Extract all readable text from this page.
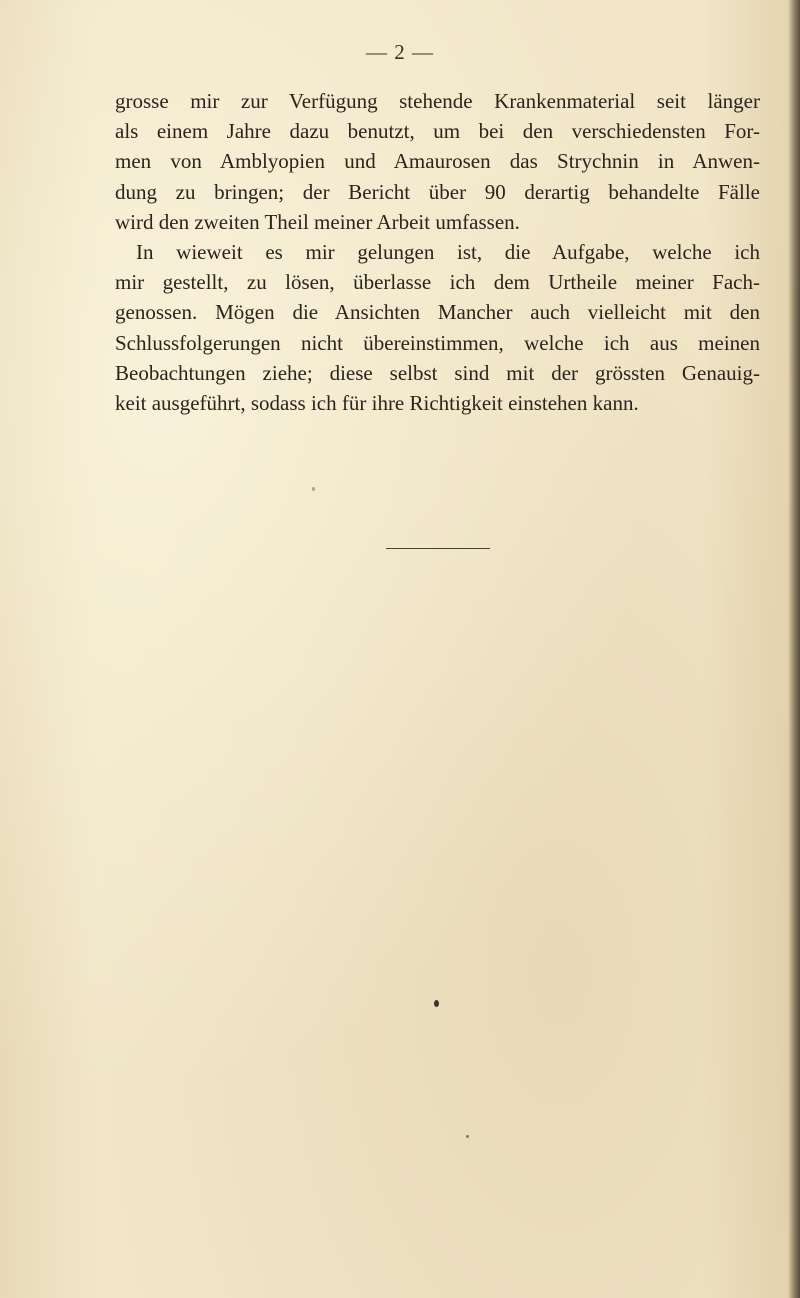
— 2 —
grosse mir zur Verfügung stehende Krankenmaterial seit länger
als einem Jahre dazu benutzt, um bei den verschiedensten For-
men von Amblyopien und Amaurosen das Strychnin in Anwen-
dung zu bringen; der Bericht über 90 derartig behandelte Fälle
wird den zweiten Theil meiner Arbeit umfassen.
In wieweit es mir gelungen ist, die Aufgabe, welche ich
mir gestellt, zu lösen, überlasse ich dem Urtheile meiner Fach-
genossen. Mögen die Ansichten Mancher auch vielleicht mit den
Schlussfolgerungen nicht übereinstimmen, welche ich aus meinen
Beobachtungen ziehe; diese selbst sind mit der grössten Genauig-
keit ausgeführt, sodass ich für ihre Richtigkeit einstehen kann.
